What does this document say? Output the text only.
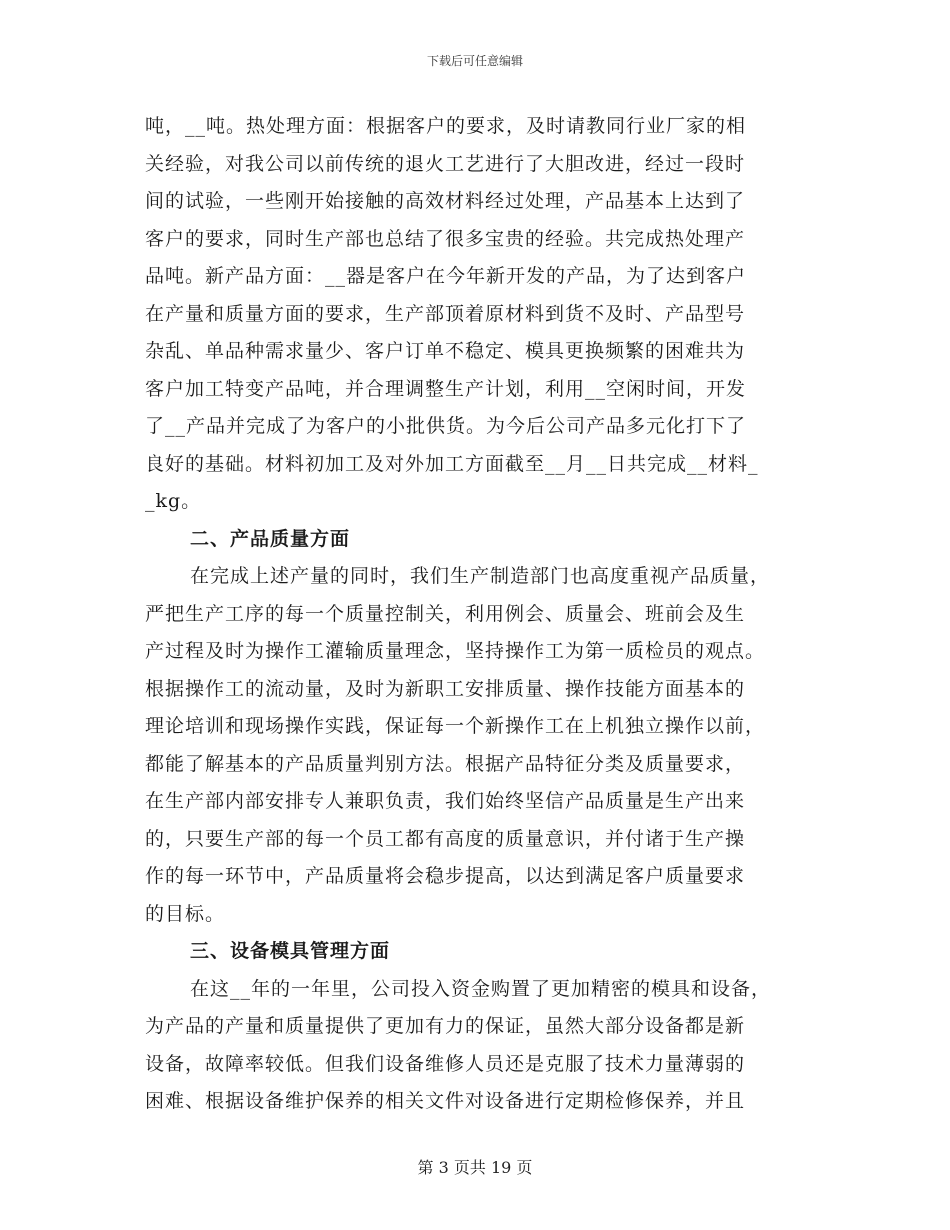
下载后可任意编辑
吨，__吨。热处理方面：根据客户的要求，及时请教同行业厂家的相
关经验，对我公司以前传统的退火工艺进行了大胆改进，经过一段时
间的试验，一些刚开始接触的高效材料经过处理，产品基本上达到了
客户的要求，同时生产部也总结了很多宝贵的经验。共完成热处理产
品吨。新产品方面：__器是客户在今年新开发的产品，为了达到客户
在产量和质量方面的要求，生产部顶着原材料到货不及时、产品型号
杂乱、单品种需求量少、客户订单不稳定、模具更换频繁的困难共为
客户加工特变产品吨，并合理调整生产计划，利用__空闲时间，开发
了__产品并完成了为客户的小批供货。为今后公司产品多元化打下了
良好的基础。材料初加工及对外加工方面截至__月__日共完成__材料_
_kg。
二、产品质量方面
在完成上述产量的同时，我们生产制造部门也高度重视产品质量，
严把生产工序的每一个质量控制关，利用例会、质量会、班前会及生
产过程及时为操作工灌输质量理念，坚持操作工为第一质检员的观点。
根据操作工的流动量，及时为新职工安排质量、操作技能方面基本的
理论培训和现场操作实践，保证每一个新操作工在上机独立操作以前，
都能了解基本的产品质量判别方法。根据产品特征分类及质量要求，
在生产部内部安排专人兼职负责，我们始终坚信产品质量是生产出来
的，只要生产部的每一个员工都有高度的质量意识，并付诸于生产操
作的每一环节中，产品质量将会稳步提高，以达到满足客户质量要求
的目标。
三、设备模具管理方面
在这__年的一年里，公司投入资金购置了更加精密的模具和设备，
为产品的产量和质量提供了更加有力的保证，虽然大部分设备都是新
设备，故障率较低。但我们设备维修人员还是克服了技术力量薄弱的
困难、根据设备维护保养的相关文件对设备进行定期检修保养，并且
第 3 页共 19 页
